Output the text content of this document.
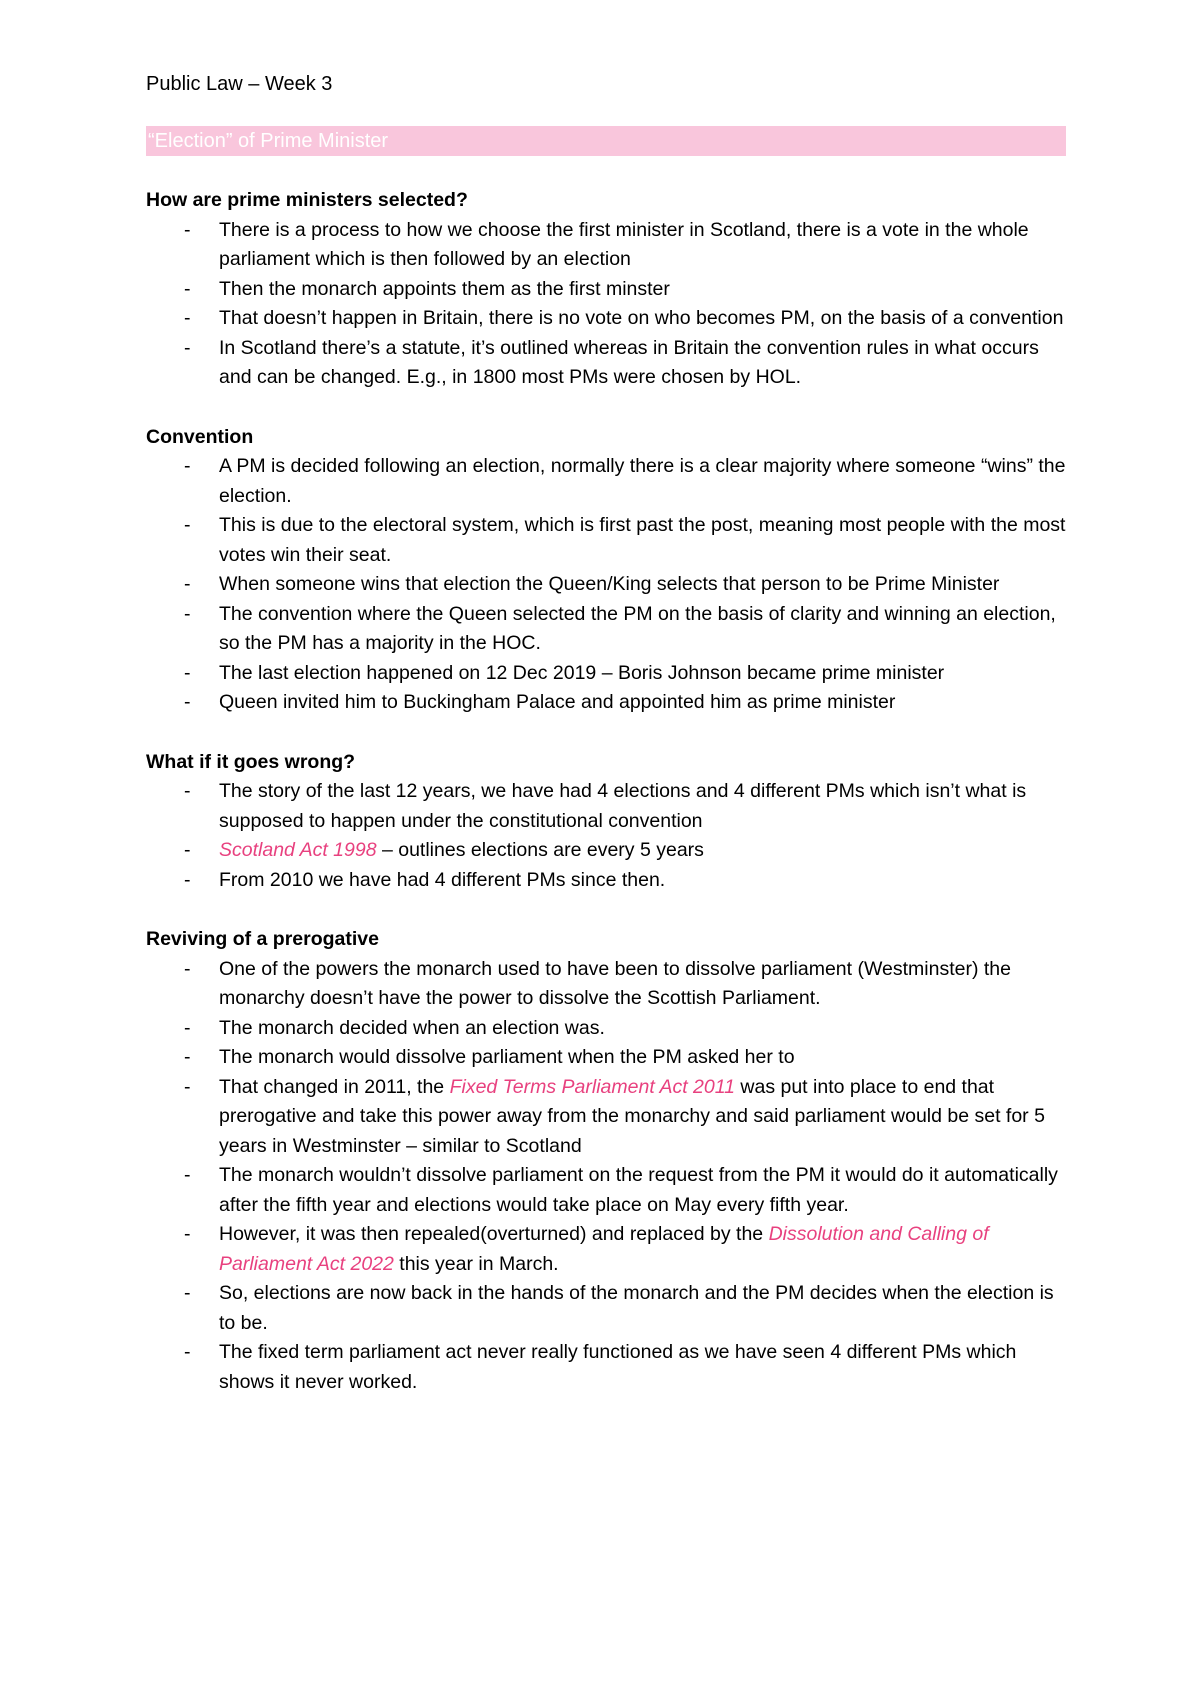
Public Law – Week 3
“Election” of Prime Minister
How are prime ministers selected?
- There is a process to how we choose the first minister in Scotland, there is a vote in the whole parliament which is then followed by an election
- Then the monarch appoints them as the first minster
- That doesn’t happen in Britain, there is no vote on who becomes PM, on the basis of a convention
- In Scotland there’s a statute, it’s outlined whereas in Britain the convention rules in what occurs and can be changed. E.g., in 1800 most PMs were chosen by HOL.
Convention
- A PM is decided following an election, normally there is a clear majority where someone “wins” the election.
- This is due to the electoral system, which is first past the post, meaning most people with the most votes win their seat.
- When someone wins that election the Queen/King selects that person to be Prime Minister
- The convention where the Queen selected the PM on the basis of clarity and winning an election, so the PM has a majority in the HOC.
- The last election happened on 12 Dec 2019 – Boris Johnson became prime minister
- Queen invited him to Buckingham Palace and appointed him as prime minister
What if it goes wrong?
- The story of the last 12 years, we have had 4 elections and 4 different PMs which isn’t what is supposed to happen under the constitutional convention
- Scotland Act 1998 – outlines elections are every 5 years
- From 2010 we have had 4 different PMs since then.
Reviving of a prerogative
- One of the powers the monarch used to have been to dissolve parliament (Westminster) the monarchy doesn’t have the power to dissolve the Scottish Parliament.
- The monarch decided when an election was.
- The monarch would dissolve parliament when the PM asked her to
- That changed in 2011, the Fixed Terms Parliament Act 2011 was put into place to end that prerogative and take this power away from the monarchy and said parliament would be set for 5 years in Westminster – similar to Scotland
- The monarch wouldn’t dissolve parliament on the request from the PM it would do it automatically after the fifth year and elections would take place on May every fifth year.
- However, it was then repealed(overturned) and replaced by the Dissolution and Calling of Parliament Act 2022 this year in March.
- So, elections are now back in the hands of the monarch and the PM decides when the election is to be.
- The fixed term parliament act never really functioned as we have seen 4 different PMs which shows it never worked.
